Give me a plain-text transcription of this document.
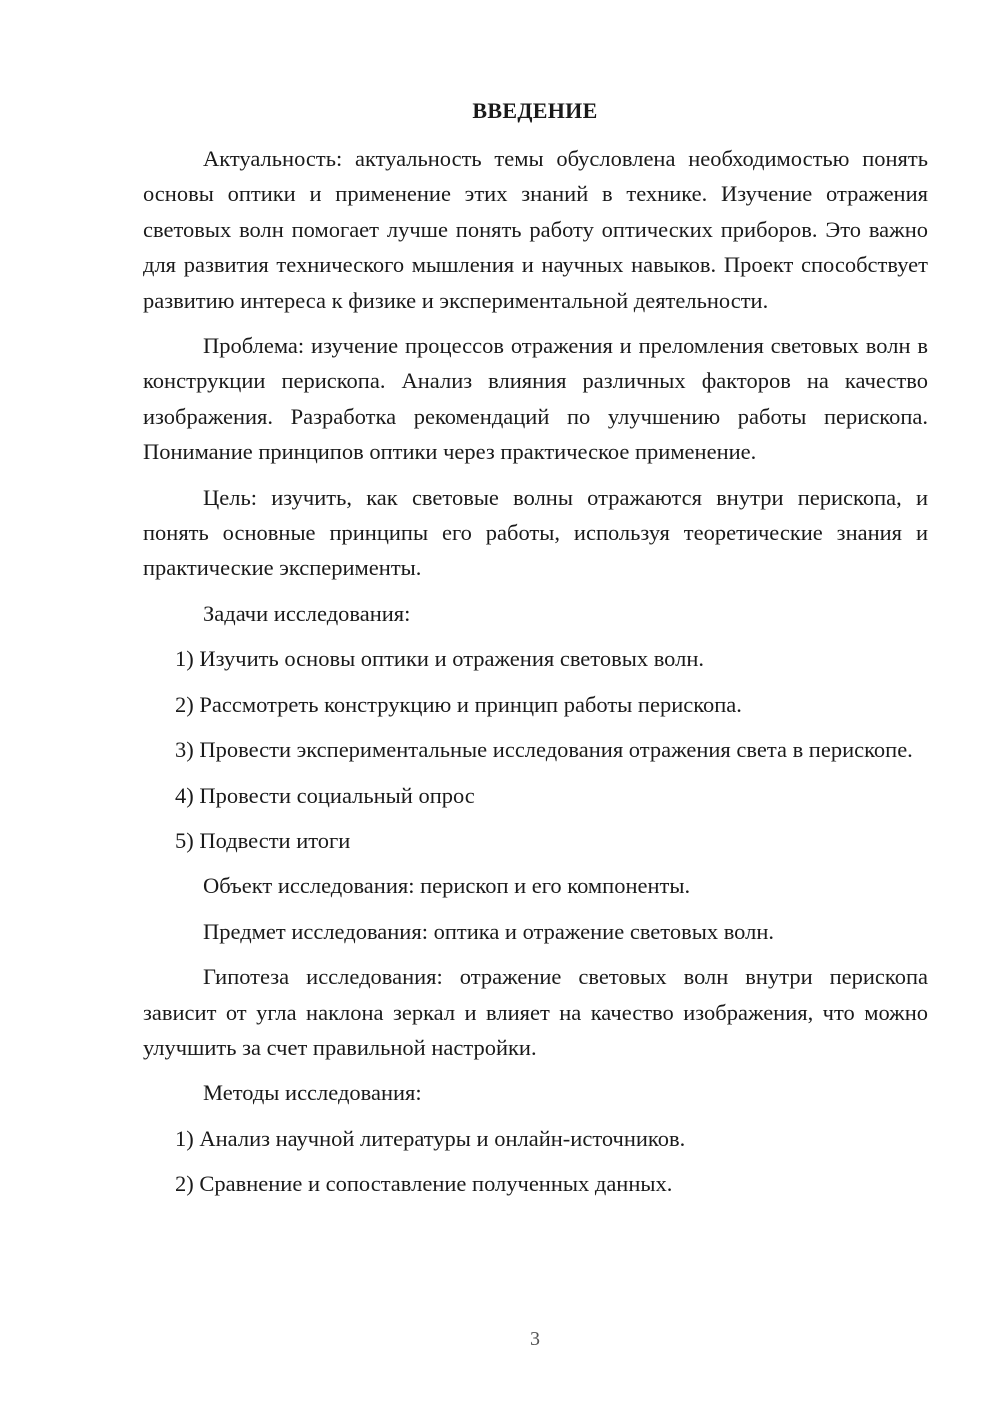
ВВЕДЕНИЕ

Актуальность: актуальность темы обусловлена необходимостью понять основы оптики и применение этих знаний в технике. Изучение отражения световых волн помогает лучше понять работу оптических приборов. Это важно для развития технического мышления и научных навыков. Проект способствует развитию интереса к физике и экспериментальной деятельности.

Проблема: изучение процессов отражения и преломления световых волн в конструкции перископа. Анализ влияния различных факторов на качество изображения. Разработка рекомендаций по улучшению работы перископа. Понимание принципов оптики через практическое применение.

Цель: изучить, как световые волны отражаются внутри перископа, и понять основные принципы его работы, используя теоретические знания и практические эксперименты.

Задачи исследования:

1) Изучить основы оптики и отражения световых волн.

2) Рассмотреть конструкцию и принцип работы перископа.

3) Провести экспериментальные исследования отражения света в перископе.

4) Провести социальный опрос

5) Подвести итоги

Объект исследования: перископ и его компоненты.

Предмет исследования: оптика и отражение световых волн.

Гипотеза исследования: отражение световых волн внутри перископа зависит от угла наклона зеркал и влияет на качество изображения, что можно улучшить за счет правильной настройки.

Методы исследования:

1) Анализ научной литературы и онлайн-источников.

2) Сравнение и сопоставление полученных данных.

3
